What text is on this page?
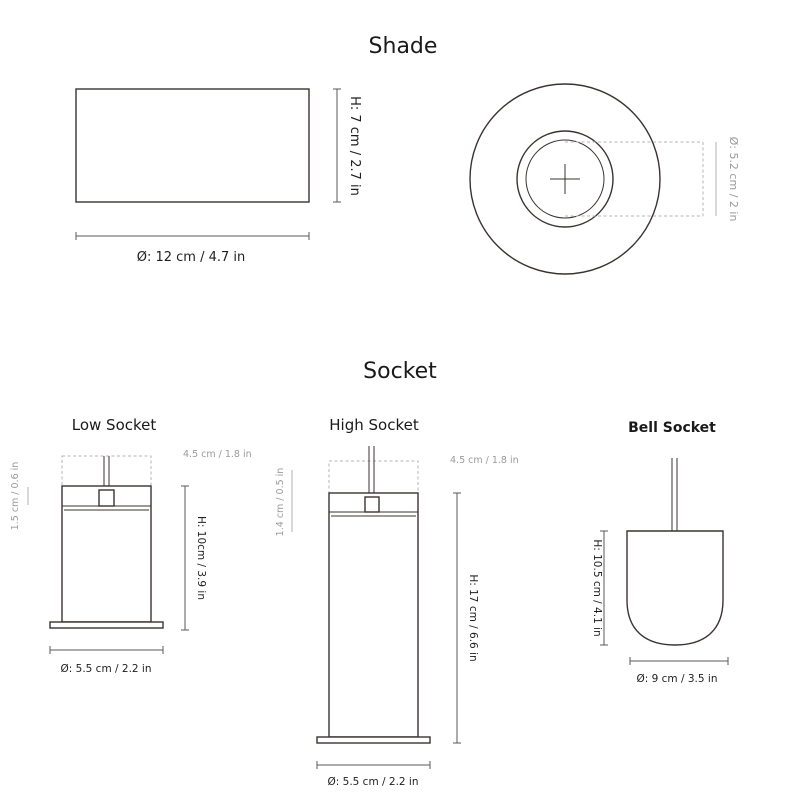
Shade
H: 7 cm / 2.7 in
Ø: 12 cm / 4.7 in
Ø: 5.2 cm / 2 in
Socket
Low Socket
4.5 cm / 1.8 in
1.5 cm / 0.6 in
H: 10cm / 3.9 in
Ø: 5.5 cm / 2.2 in
High Socket
4.5 cm / 1.8 in
1.4 cm / 0.5 in
H: 17 cm / 6.6 in
Ø: 5.5 cm / 2.2 in
Bell Socket
H: 10.5 cm / 4.1 in
Ø: 9 cm / 3.5 in
